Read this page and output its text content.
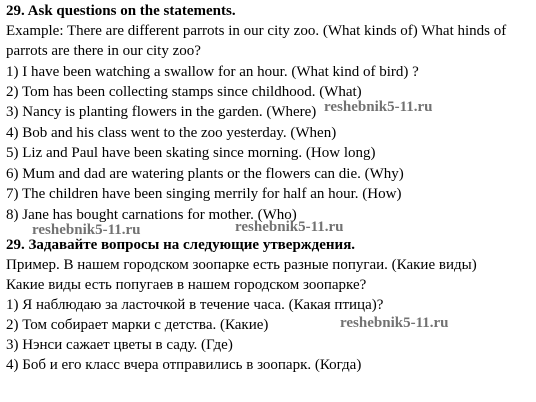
29. Ask questions on the statements.
Example: There are different parrots in our city zoo. (What kinds of) What hinds of
parrots are there in our city zoo?
1) I have been watching a swallow for an hour. (What kind of bird) ?
2) Tom has been collecting stamps since childhood. (What)
3) Nancy is planting flowers in the garden. (Where)
4) Bob and his class went to the zoo yesterday. (When)
5) Liz and Paul have been skating since morning. (How long)
6) Mum and dad are watering plants or the flowers can die. (Why)
7) The children have been singing merrily for half an hour. (How)
8) Jane has bought carnations for mother. (Who)
29. Задавайте вопросы на следующие утверждения.
Пример. В нашем городском зоопарке есть разные попугаи. (Какие виды)
Какие виды есть попугаев в нашем городском зоопарке?
1) Я наблюдаю за ласточкой в течение часа. (Какая птица)?
2) Том собирает марки с детства. (Какие)
3) Нэнси сажает цветы в саду. (Где)
4) Боб и его класс вчера отправились в зоопарк. (Когда)
reshebnik5-11.ru
reshebnik5-11.ru	reshebnik5-11.ru
reshebnik5-11.ru
